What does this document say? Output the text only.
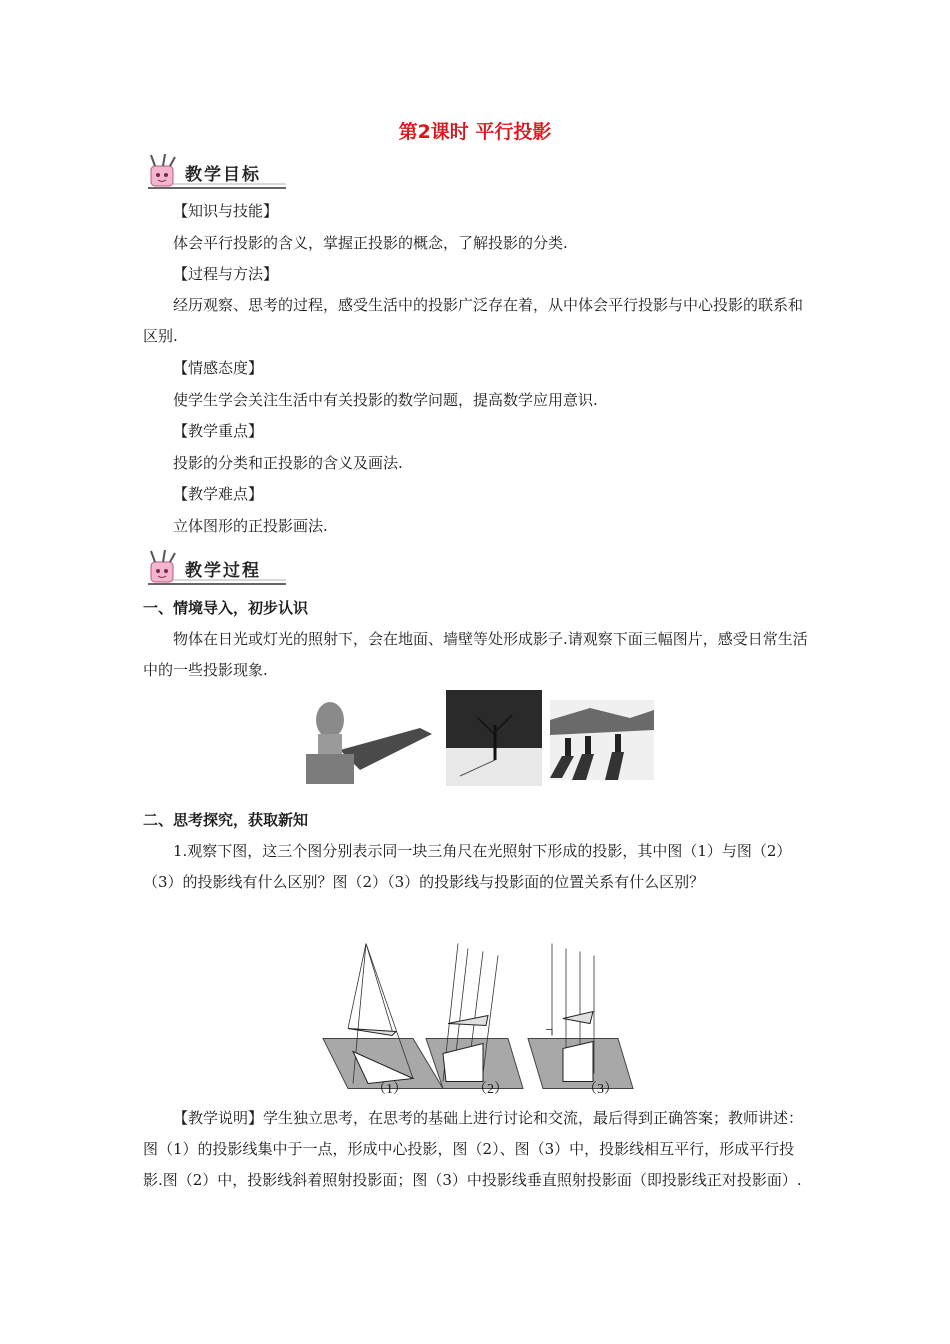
第2课时 平行投影
教学目标
【知识与技能】
体会平行投影的含义，掌握正投影的概念，了解投影的分类.
【过程与方法】
经历观察、思考的过程，感受生活中的投影广泛存在着，从中体会平行投影与中心投影的联系和区别.
【情感态度】
使学生学会关注生活中有关投影的数学问题，提高数学应用意识.
【教学重点】
投影的分类和正投影的含义及画法.
【教学难点】
立体图形的正投影画法.
教学过程
一、情境导入，初步认识
物体在日光或灯光的照射下，会在地面、墙壁等处形成影子.请观察下面三幅图片，感受日常生活中的一些投影现象.
二、思考探究，获取新知
1.观察下图，这三个图分别表示同一块三角尺在光照射下形成的投影，其中图（1）与图（2）（3）的投影线有什么区别？图（2）（3）的投影线与投影面的位置关系有什么区别？
（1）	（2）	（3）
【教学说明】学生独立思考，在思考的基础上进行讨论和交流，最后得到正确答案；教师讲述：图（1）的投影线集中于一点，形成中心投影，图（2）、图（3）中，投影线相互平行，形成平行投影.图（2）中，投影线斜着照射投影面；图（3）中投影线垂直照射投影面（即投影线正对投影面）.
